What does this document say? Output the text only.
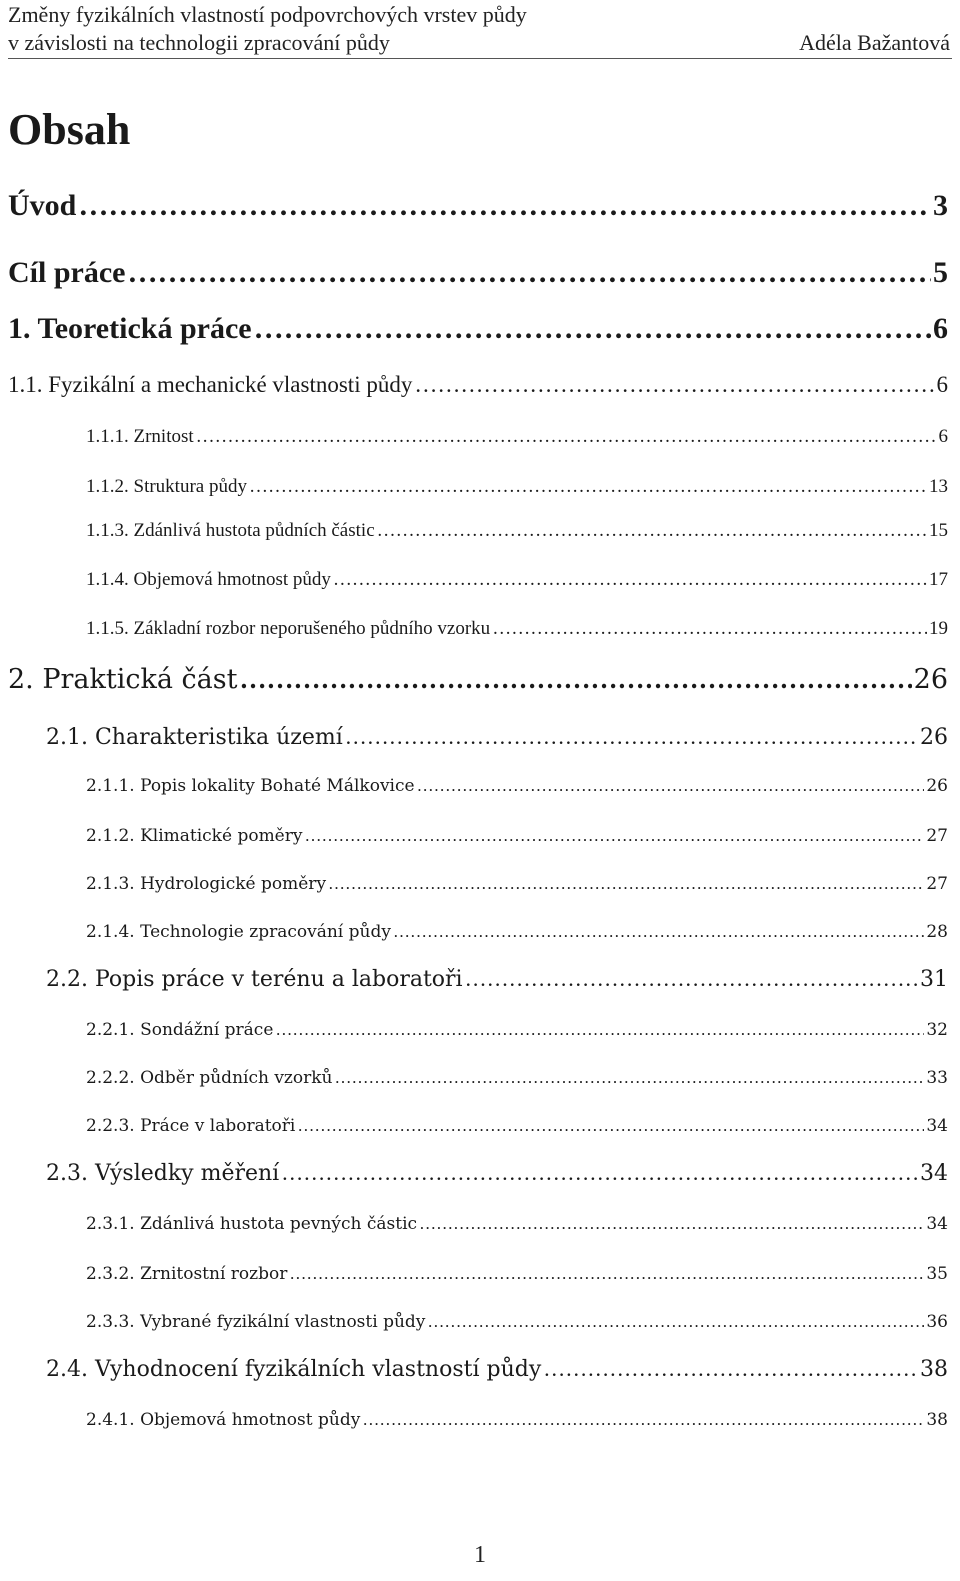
Změny fyzikálních vlastností podpovrchových vrstev půdy
v závislosti na technologii zpracování půdy	Adéla Bažantová
Obsah
Úvod ……………………………………………………………………………………………………………………………………………………………………………………………………	3
Cíl práce ……………………………………………………………………………………………………………………………………………………………………………………………………	5
1. Teoretická práce ……………………………………………………………………………………………………………………………………………………………………………………………………	6
1.1. Fyzikální a mechanické vlastnosti půdy ……………………………………………………………………………………………………………………………………………………………………………………………………	6
1.1.1. Zrnitost ……………………………………………………………………………………………………………………………………………………………………………………………………	6
1.1.2. Struktura půdy ……………………………………………………………………………………………………………………………………………………………………………………………………	13
1.1.3. Zdánlivá hustota půdních částic ……………………………………………………………………………………………………………………………………………………………………………………………………	15
1.1.4. Objemová hmotnost půdy ……………………………………………………………………………………………………………………………………………………………………………………………………	17
1.1.5. Základní rozbor neporušeného půdního vzorku ……………………………………………………………………………………………………………………………………………………………………………………………………	19
2. Praktická část ……………………………………………………………………………………………………………………………………………………………………………………………………	26
2.1. Charakteristika území ……………………………………………………………………………………………………………………………………………………………………………………………………	26
2.1.1. Popis lokality Bohaté Málkovice ……………………………………………………………………………………………………………………………………………………………………………………………………	26
2.1.2. Klimatické poměry ……………………………………………………………………………………………………………………………………………………………………………………………………	27
2.1.3. Hydrologické poměry ……………………………………………………………………………………………………………………………………………………………………………………………………	27
2.1.4. Technologie zpracování půdy ……………………………………………………………………………………………………………………………………………………………………………………………………	28
2.2. Popis práce v terénu a laboratoři ……………………………………………………………………………………………………………………………………………………………………………………………………	31
2.2.1. Sondážní práce ……………………………………………………………………………………………………………………………………………………………………………………………………	32
2.2.2. Odběr půdních vzorků ……………………………………………………………………………………………………………………………………………………………………………………………………	33
2.2.3. Práce v laboratoři ……………………………………………………………………………………………………………………………………………………………………………………………………	34
2.3. Výsledky měření ……………………………………………………………………………………………………………………………………………………………………………………………………	34
2.3.1. Zdánlivá hustota pevných částic ……………………………………………………………………………………………………………………………………………………………………………………………………	34
2.3.2. Zrnitostní rozbor ……………………………………………………………………………………………………………………………………………………………………………………………………	35
2.3.3. Vybrané fyzikální vlastnosti půdy ……………………………………………………………………………………………………………………………………………………………………………………………………	36
2.4. Vyhodnocení fyzikálních vlastností půdy ……………………………………………………………………………………………………………………………………………………………………………………………………	38
2.4.1. Objemová hmotnost půdy ……………………………………………………………………………………………………………………………………………………………………………………………………	38
1
